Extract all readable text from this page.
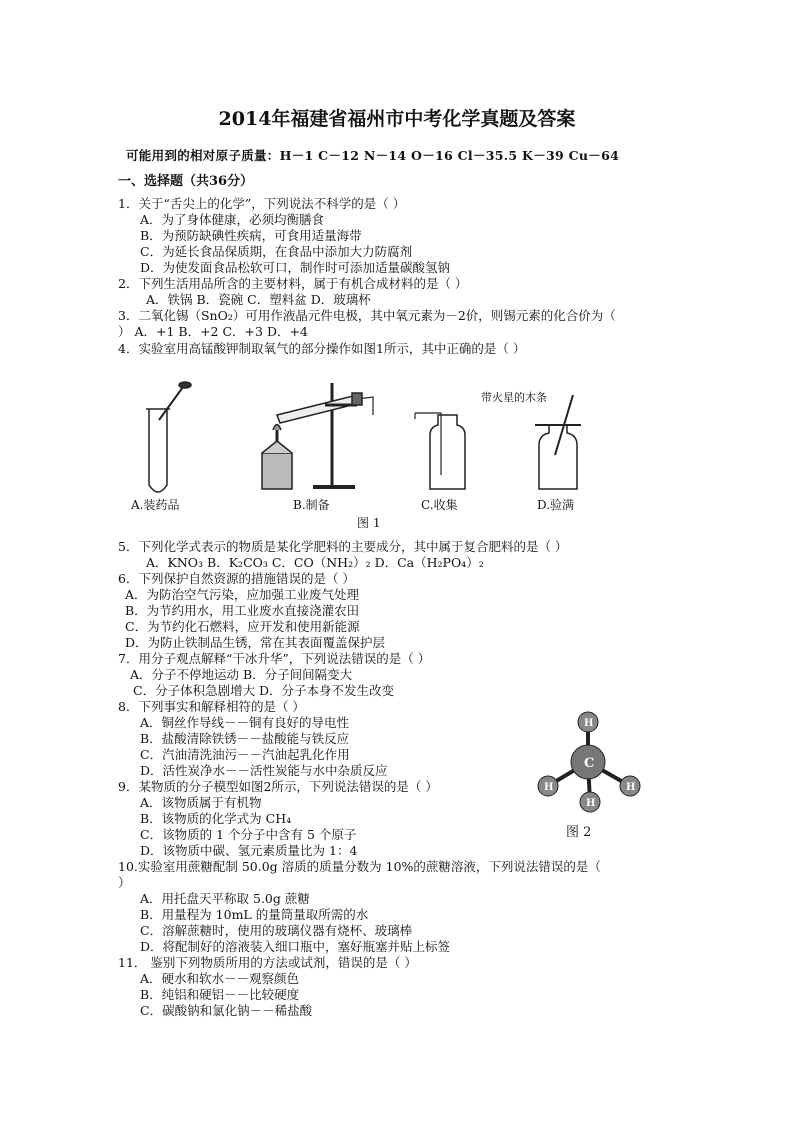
2014年福建省福州市中考化学真题及答案
可能用到的相对原子质量：H－1 C－12 N－14 O－16 Cl－35.5 K－39 Cu－64
一、选择题（共36分）
1．关于“舌尖上的化学”，下列说法不科学的是（ ）
A．为了身体健康，必须均衡膳食
B．为预防缺碘性疾病，可食用适量海带
C．为延长食品保质期，在食品中添加大力防腐剂
D．为使发面食品松软可口，制作时可添加适量碳酸氢钠
2．下列生活用品所含的主要材料，属于有机合成材料的是（ ）
A．铁锅 B．瓷碗 C．塑料盆 D．玻璃杯
3．二氧化锡（SnO₂）可用作液晶元件电极，其中氧元素为－2价，则锡元素的化合价为（
） A．+1 B．+2 C．+3 D．+4
4．实验室用高锰酸钾制取氧气的部分操作如图1所示，其中正确的是（ ）
带火星的木条
A.装药品	B.制备	C.收集	D.验满
图 1
5．下列化学式表示的物质是某化学肥料的主要成分，其中属于复合肥料的是（ ）
A．KNO₃ B．K₂CO₃ C．CO（NH₂）₂ D．Ca（H₂PO₄）₂
6．下列保护自然资源的措施错误的是（ ）
A．为防治空气污染，应加强工业废气处理
B．为节约用水，用工业废水直接浇灌农田
C．为节约化石燃料，应开发和使用新能源
D．为防止铁制品生锈，常在其表面覆盖保护层
7．用分子观点解释“干冰升华”，下列说法错误的是（ ）
A．分子不停地运动 B．分子间间隔变大
C．分子体积急剧增大 D．分子本身不发生改变
8．下列事实和解释相符的是（ ）
A．铜丝作导线－－铜有良好的导电性
B．盐酸清除铁锈－－盐酸能与铁反应
C．汽油清洗油污－－汽油起乳化作用
D．活性炭净水－－活性炭能与水中杂质反应
9．某物质的分子模型如图2所示，下列说法错误的是（ ）
A．该物质属于有机物
B．该物质的化学式为 CH₄
C．该物质的 1 个分子中含有 5 个原子
D．该物质中碳、氢元素质量比为 1：4
C
H
H	H
H
图 2
10.实验室用蔗糖配制 50.0g 溶质的质量分数为 10%的蔗糖溶液，下列说法错误的是（
）
A．用托盘天平称取 5.0g 蔗糖
B．用量程为 10mL 的量筒量取所需的水
C．溶解蔗糖时，使用的玻璃仪器有烧杯、玻璃棒
D．将配制好的溶液装入细口瓶中，塞好瓶塞并贴上标签
11． 鉴别下列物质所用的方法或试剂，错误的是（ ）
A．硬水和软水－－观察颜色
B．纯铝和硬铝－－比较硬度
C．碳酸钠和氯化钠－－稀盐酸
